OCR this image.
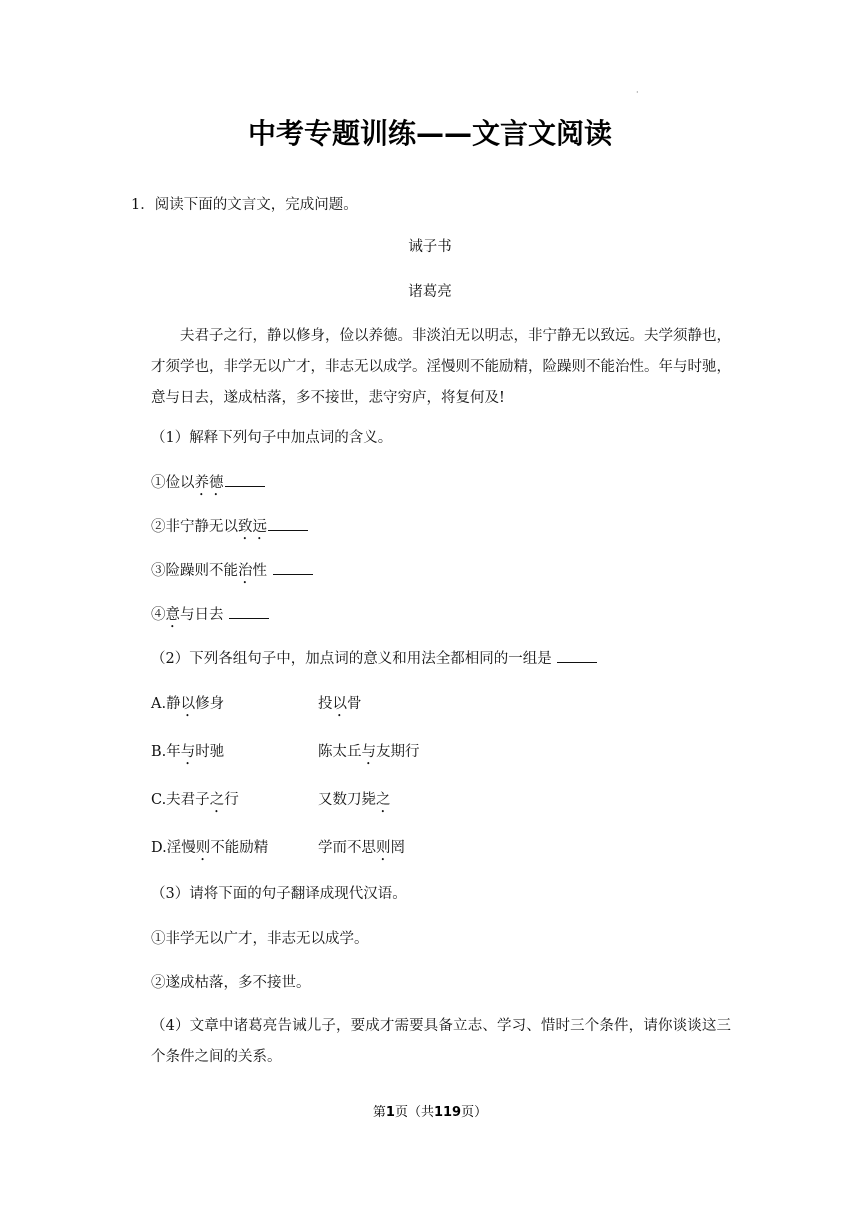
·
中考专题训练——文言文阅读
1．阅读下面的文言文，完成问题。
诫子书
诸葛亮
夫君子之行，静以修身，俭以养德。非淡泊无以明志，非宁静无以致远。夫学须静也，才须学也，非学无以广才，非志无以成学。淫慢则不能励精，险躁则不能治性。年与时驰，意与日去，遂成枯落，多不接世，悲守穷庐，将复何及!
（1）解释下列句子中加点词的含义。
①俭以养德
②非宁静无以致远
③险躁则不能治性
④意与日去
（2）下列各组句子中，加点词的意义和用法全都相同的一组是
A.静以修身	投以骨
B.年与时驰	陈太丘与友期行
C.夫君子之行	又数刀毙之
D.淫慢则不能励精	学而不思则罔
（3）请将下面的句子翻译成现代汉语。
①非学无以广才，非志无以成学。
②遂成枯落，多不接世。
（4）文章中诸葛亮告诫儿子，要成才需要具备立志、学习、惜时三个条件，请你谈谈这三个条件之间的关系。
第1页（共119页）
